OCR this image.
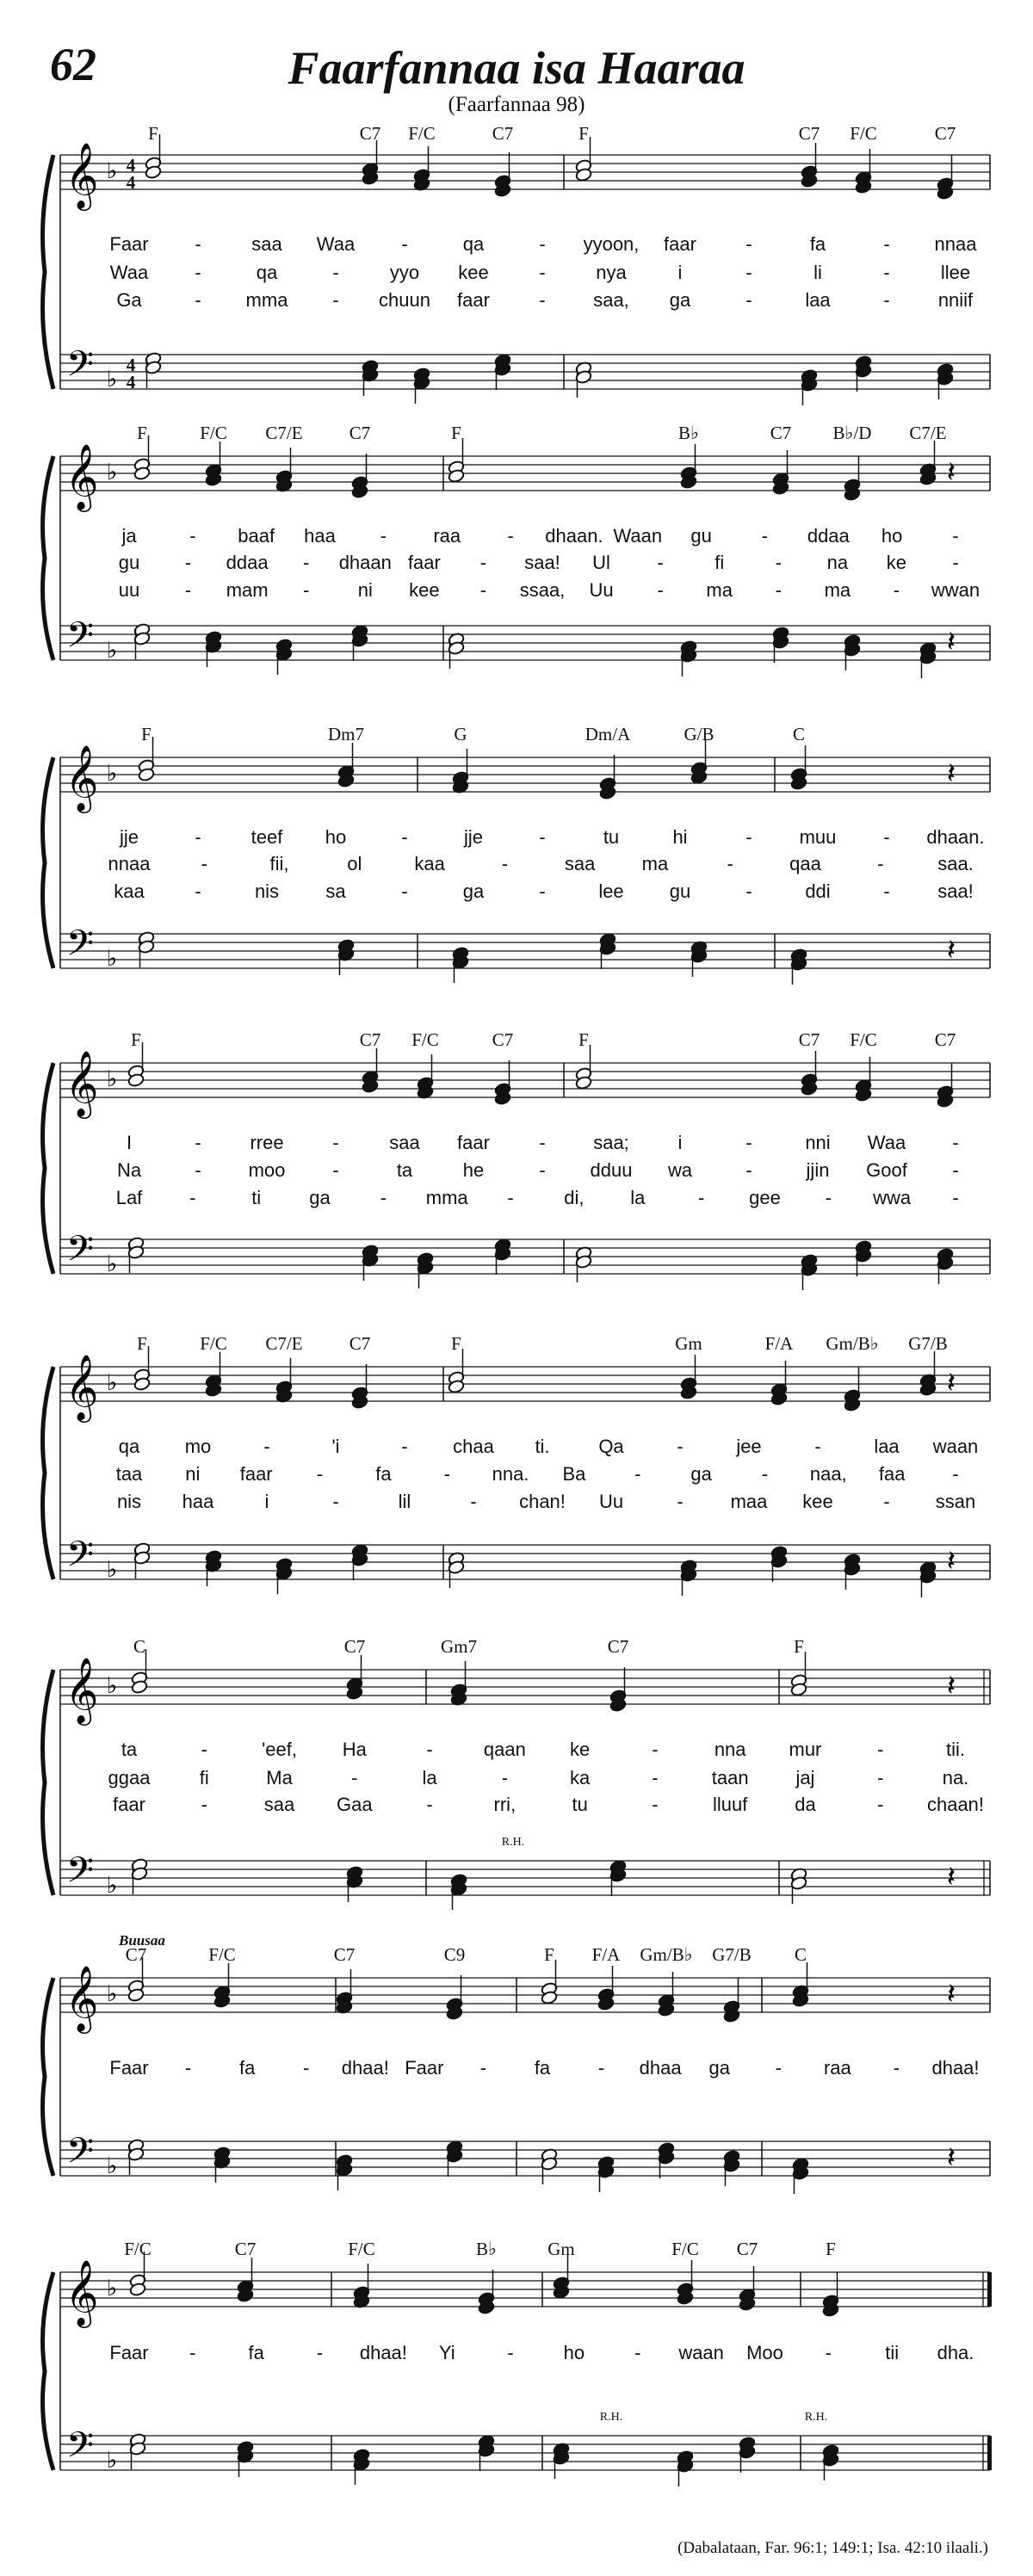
62	Faarfannaa isa Haaraa
(Faarfannaa 98)
𝄞
𝄢
♭
♭
4
4
4
4
F	C7 F/C	C7	F	C7 F/C	C7
Faar -	saa Waa -	qa	- yyoon, faar	-	fa	- nnaa
Waa -	qa	-	yyo kee	-	nya	i	-	li	-	llee
Ga	- mma - chuun faar	-	saa, ga	-	laa	-	nniif
𝄞
𝄢
♭
♭
F	F/C C7/E	C7	F	B♭	C7 B♭/D C7/E
𝄽
𝄽
ja	- baaf haa - raa - dhaan. Waan gu	- ddaa ho	-
gu - ddaa - dhaan faar - saa! Ul -	fi	- na ke -
uu - mam -	ni kee - ssaa, Uu - ma - ma - wwan
𝄞
𝄢
♭
♭
F	Dm7	G	Dm/A	G/B	C
𝄽
𝄽
jje	-	teef ho	-	jje	-	tu	hi	- muu - dhaan.
nnaa	-	fii,	ol	kaa	-	saa ma	-	qaa	-	saa.
kaa	-	nis sa	-	ga	-	lee gu	-	ddi	-	saa!
𝄞
𝄢
♭
♭
F	C7 F/C	C7	F	C7 F/C	C7
I	-	rree	-	saa faar	-	saa;	i	-	nni Waa -
Na	- moo -	ta	he	- dduu wa	-	jjin Goof -
Laf -	ti	ga	- mma -	di, la	- gee - wwa -
𝄞
𝄢
♭
♭
F	F/C C7/E	C7	F	Gm	F/A Gm/B♭ G7/B
𝄽
𝄽
qa mo	-	'i	- chaa ti.	Qa	-	jee	-	laa waan
taa ni faar -	fa	- nna. Ba	-	ga	- naa, faa -
nis haa	i	-	lil	- chan! Uu	- maa kee	- ssan
𝄞
𝄢
♭
♭
C	C7	Gm7	C7	F
𝄽
𝄽
ta	-	'eef, Ha	-	qaan ke	-	nna mur	-	tii.
ggaa	fi	Ma	-	la	-	ka	-	taan jaj	-	na.
faar	-	saa Gaa	-	rri,	tu	-	lluuf da	- chaan!
R.H.
𝄞
𝄢
♭
♭
Buusaa
C7	F/C	C7	C9	F F/A Gm/B♭ G7/B C
𝄽
𝄽
Faar -	fa	- dhaa! Faar -	fa	- dhaa ga - raa - dhaa!
𝄞
𝄢
♭
♭
F/C	C7	F/C	B♭	Gm	F/C C7	F
Faar -	fa	- dhaa! Yi	-	ho	- waan Moo -	tii dha.
R.H.	R.H.
(Dabalataan, Far. 96:1; 149:1; Isa. 42:10 ilaali.)
